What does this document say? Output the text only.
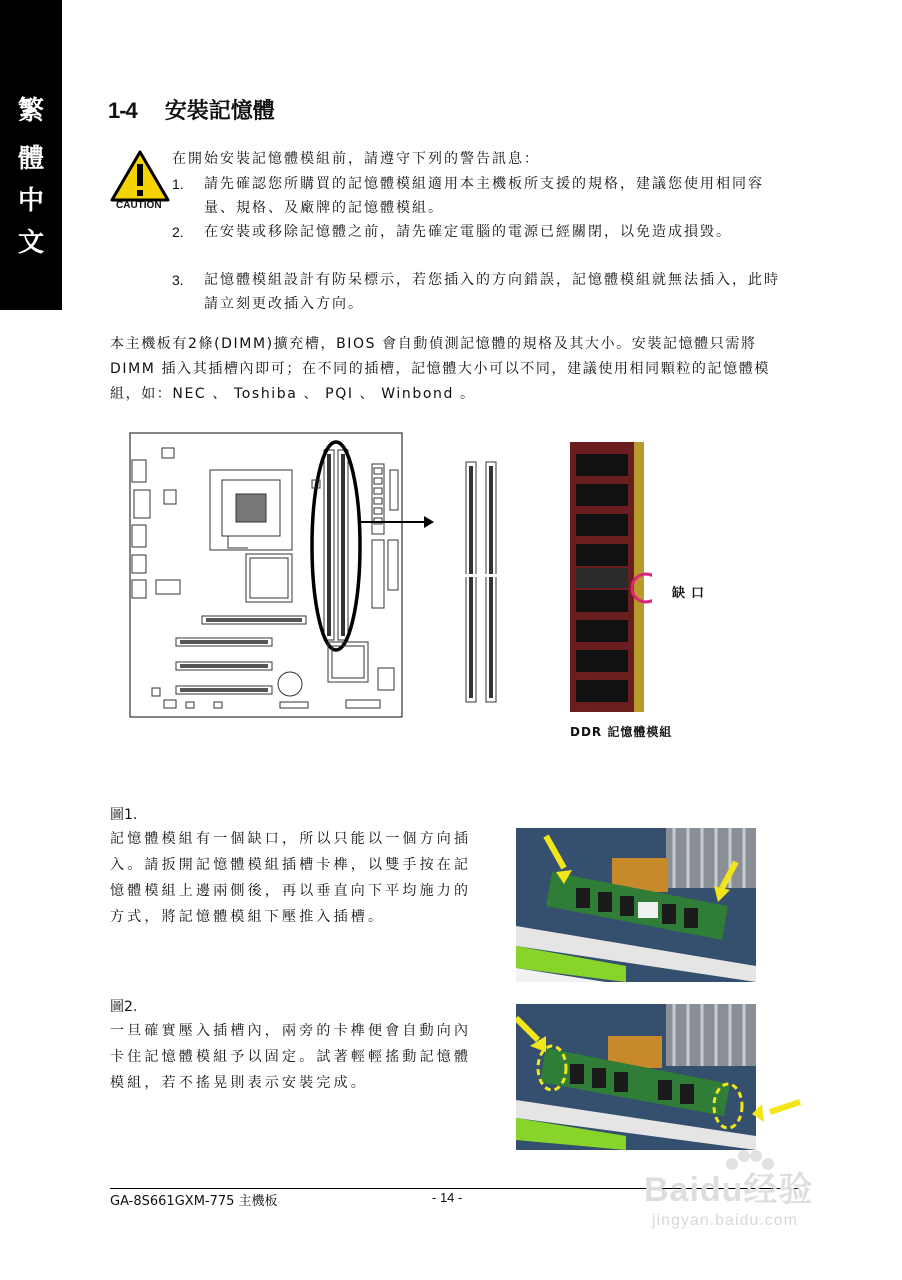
繁
體
中
文
1-4 安裝記憶體
CAUTION
在開始安裝記憶體模組前，請遵守下列的警告訊息：
1. 請先確認您所購買的記憶體模組適用本主機板所支援的規格，建議您使用相同容量、規格、及廠牌的記憶體模組。
2. 在安裝或移除記憶體之前，請先確定電腦的電源已經關閉，以免造成損毀。
3. 記憶體模組設計有防呆標示，若您插入的方向錯誤，記憶體模組就無法插入，此時請立刻更改插入方向。
本主機板有2條(DIMM)擴充槽，BIOS 會自動偵測記憶體的規格及其大小。安裝記憶體只需將DIMM 插入其插槽內即可；在不同的插槽，記憶體大小可以不同，建議使用相同顆粒的記憶體模組，如：NEC 、 Toshiba 、 PQI 、 Winbond 。
缺口
DDR 記憶體模組
圖1.
記憶體模組有一個缺口，所以只能以一個方向插入。請扳開記憶體模組插槽卡榫，以雙手按在記憶體模組上邊兩側後，再以垂直向下平均施力的方式，將記憶體模組下壓推入插槽。
圖2.
一旦確實壓入插槽內，兩旁的卡榫便會自動向內卡住記憶體模組予以固定。試著輕輕搖動記憶體模組，若不搖晃則表示安裝完成。
GA-8S661GXM-775 主機板	- 14 -	Baidu经验
jingyan.baidu.com
